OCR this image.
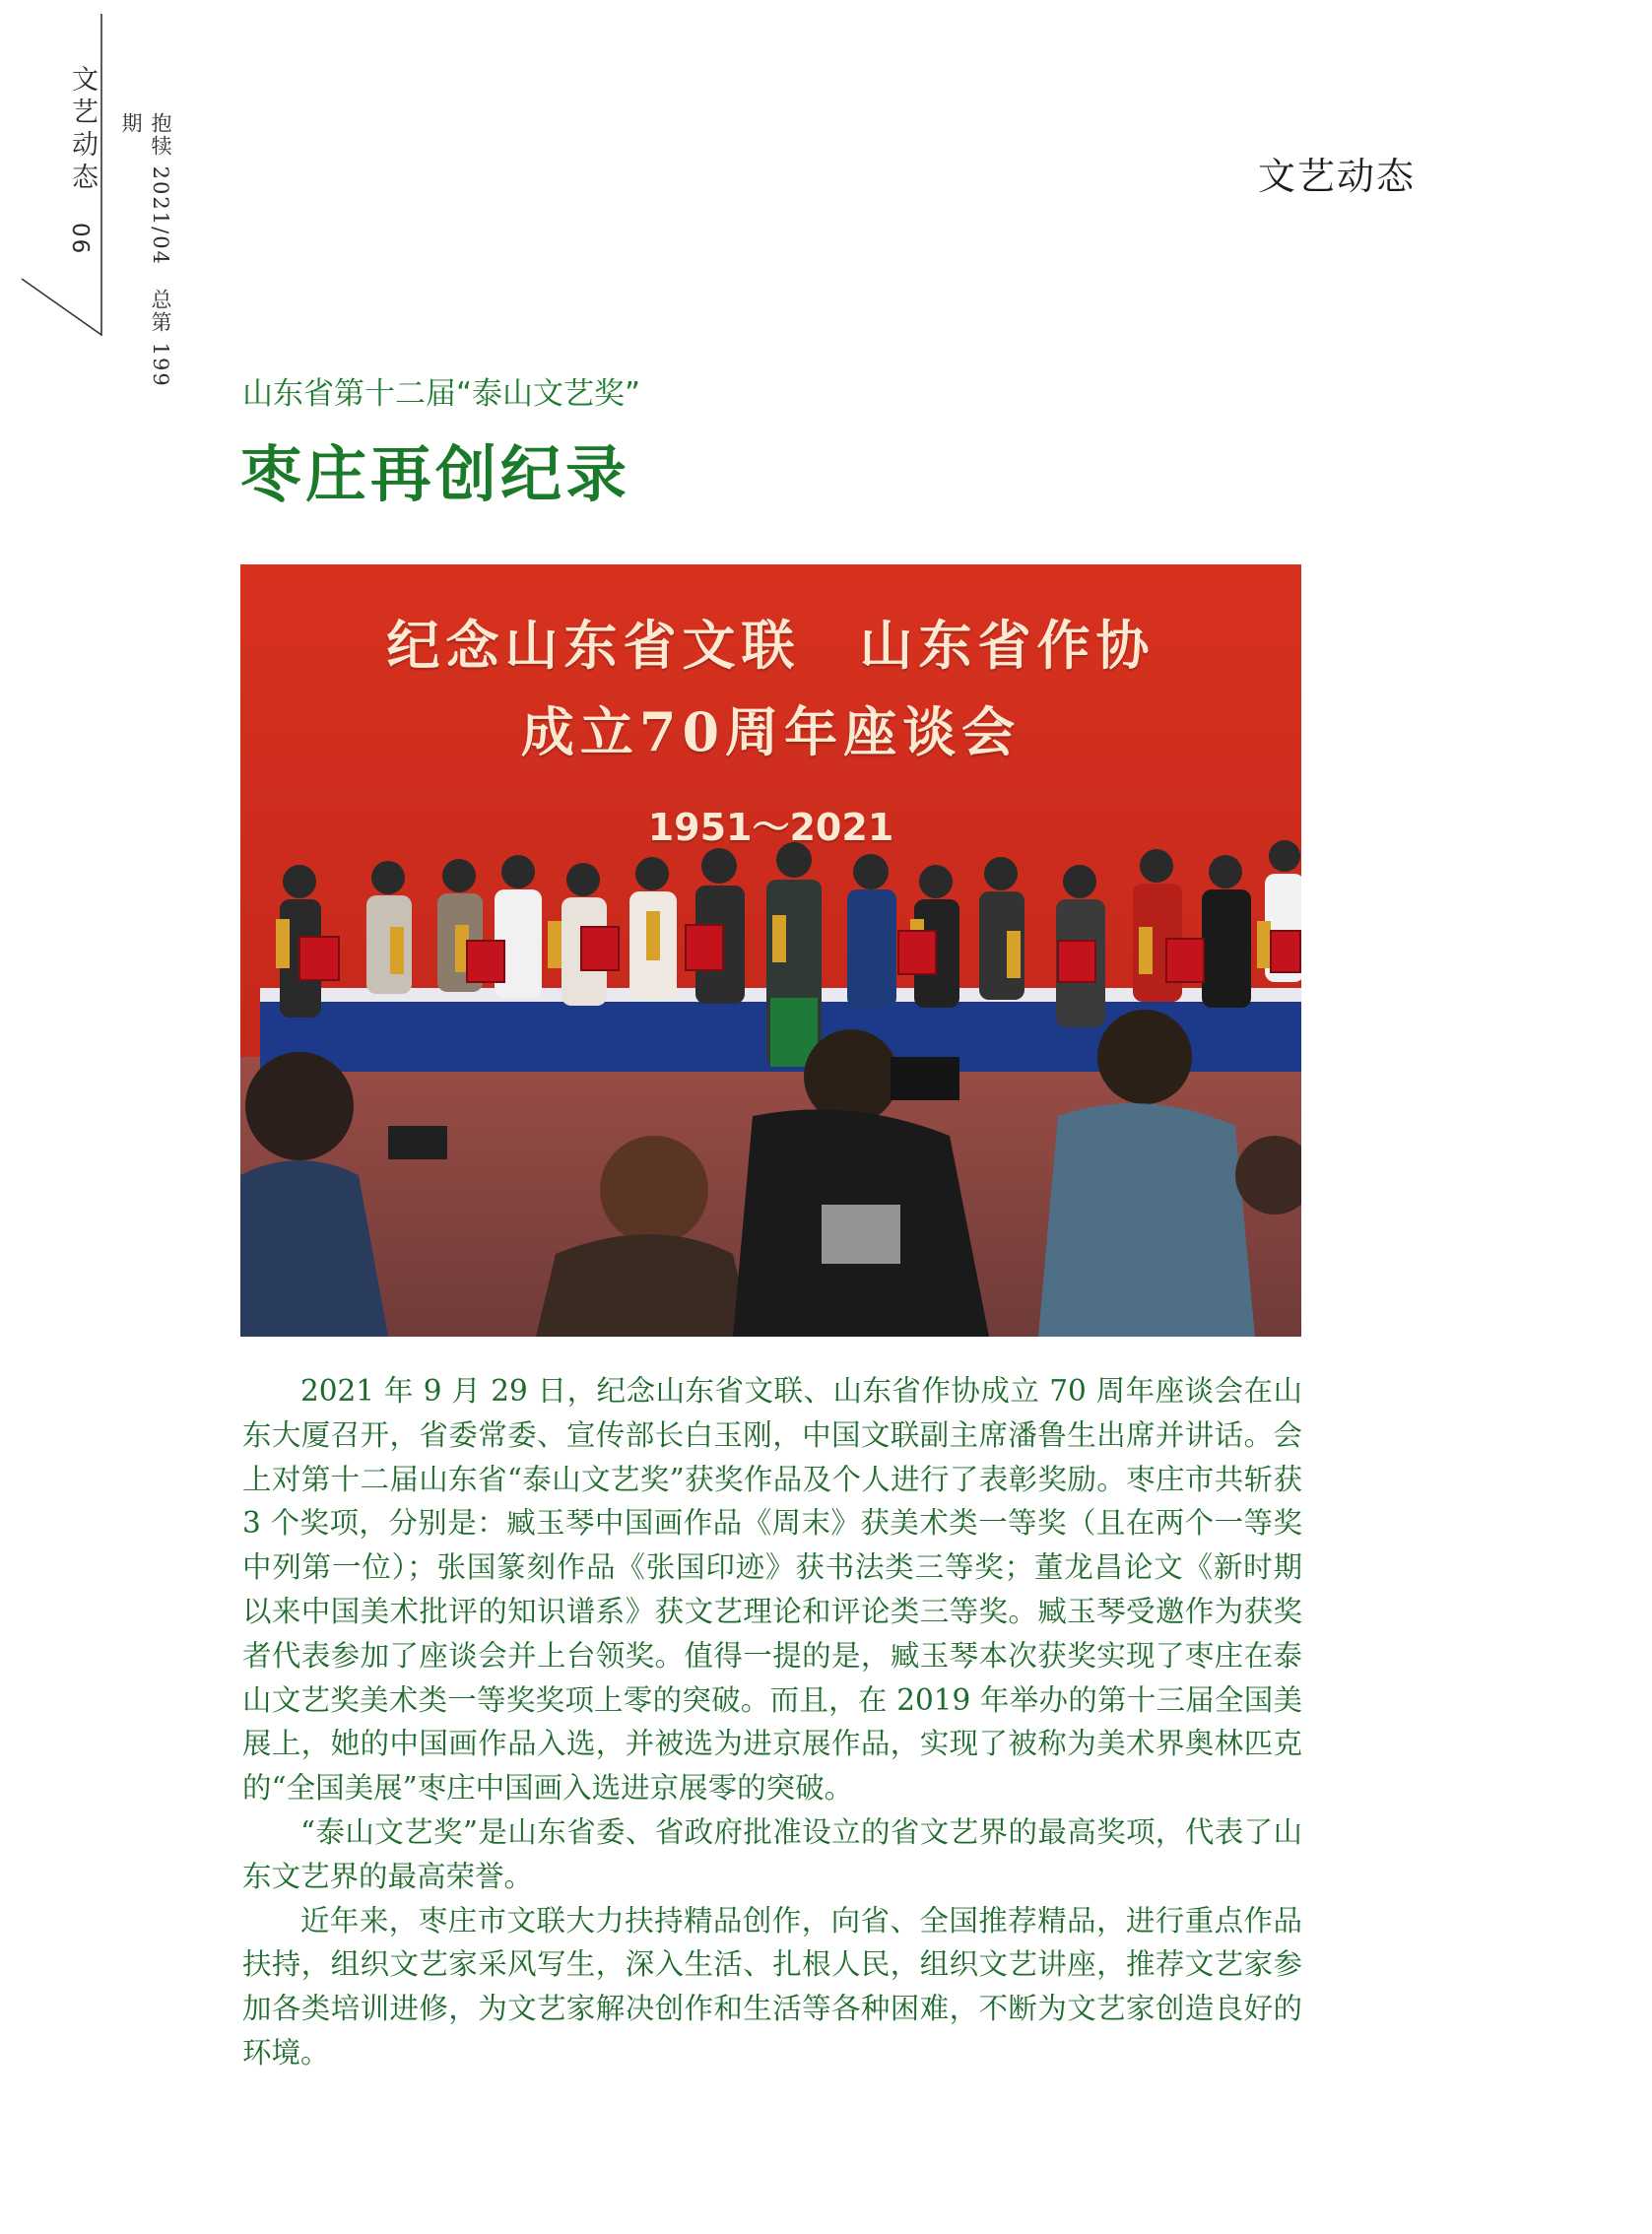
文艺动态
06	抱犊 2021/04　总第 199 期
文艺动态
山东省第十二届“泰山文艺奖”
枣庄再创纪录
纪念山东省文联　山东省作协
成立70周年座谈会
1951～2021

2021 年 9 月 29 日，纪念山东省文联、山东省作协成立 70 周年座谈会在山东大厦召开，省委常委、宣传部长白玉刚，中国文联副主席潘鲁生出席并讲话。会上对第十二届山东省“泰山文艺奖”获奖作品及个人进行了表彰奖励。枣庄市共斩获 3 个奖项，分别是：臧玉琴中国画作品《周末》获美术类一等奖（且在两个一等奖中列第一位）；张国篆刻作品《张国印迹》获书法类三等奖；董龙昌论文《新时期以来中国美术批评的知识谱系》获文艺理论和评论类三等奖。臧玉琴受邀作为获奖者代表参加了座谈会并上台领奖。值得一提的是，臧玉琴本次获奖实现了枣庄在泰山文艺奖美术类一等奖奖项上零的突破。而且，在 2019 年举办的第十三届全国美展上，她的中国画作品入选，并被选为进京展作品，实现了被称为美术界奥林匹克的“全国美展”枣庄中国画入选进京展零的突破。

“泰山文艺奖”是山东省委、省政府批准设立的省文艺界的最高奖项，代表了山东文艺界的最高荣誉。

近年来，枣庄市文联大力扶持精品创作，向省、全国推荐精品，进行重点作品扶持，组织文艺家采风写生，深入生活、扎根人民，组织文艺讲座，推荐文艺家参加各类培训进修，为文艺家解决创作和生活等各种困难，不断为文艺家创造良好的环境。
